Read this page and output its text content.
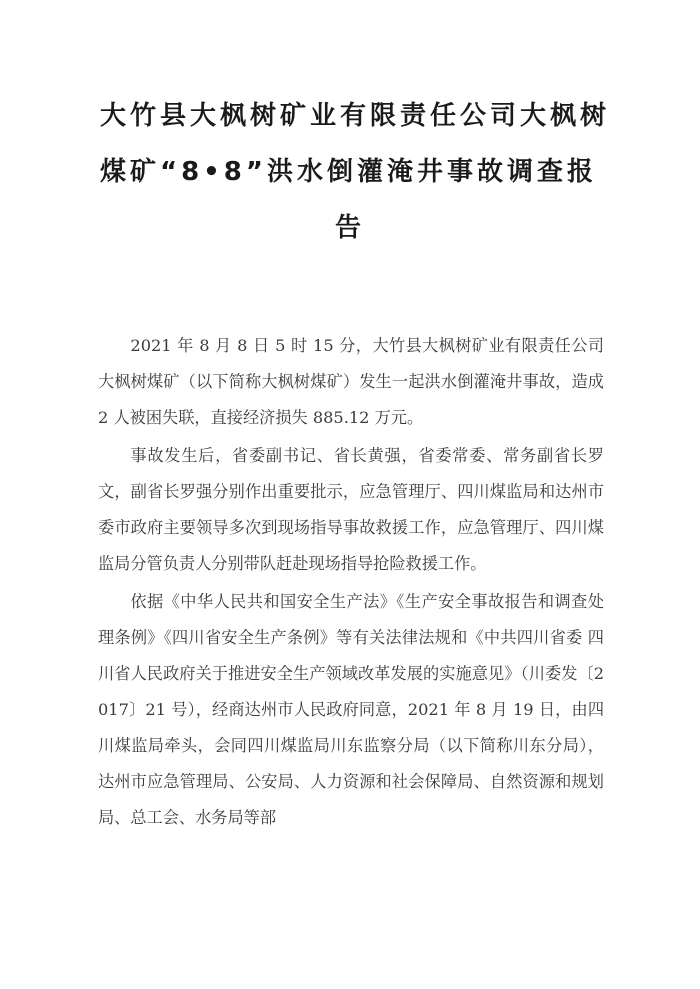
大竹县大枫树矿业有限责任公司大枫树
煤矿“8•8”洪水倒灌淹井事故调查报
告

2021 年 8 月 8 日 5 时 15 分，大竹县大枫树矿业有限责任公司大枫树煤矿（以下简称大枫树煤矿）发生一起洪水倒灌淹井事故，造成 2 人被困失联，直接经济损失 885.12 万元。

事故发生后，省委副书记、省长黄强，省委常委、常务副省长罗文，副省长罗强分别作出重要批示，应急管理厅、四川煤监局和达州市委市政府主要领导多次到现场指导事故救援工作，应急管理厅、四川煤监局分管负责人分别带队赶赴现场指导抢险救援工作。

依据《中华人民共和国安全生产法》《生产安全事故报告和调查处理条例》《四川省安全生产条例》等有关法律法规和《中共四川省委 四川省人民政府关于推进安全生产领域改革发展的实施意见》（川委发〔2017〕21 号），经商达州市人民政府同意，2021 年 8 月 19 日，由四川煤监局牵头，会同四川煤监局川东监察分局（以下简称川东分局），达州市应急管理局、公安局、人力资源和社会保障局、自然资源和规划局、总工会、水务局等部
